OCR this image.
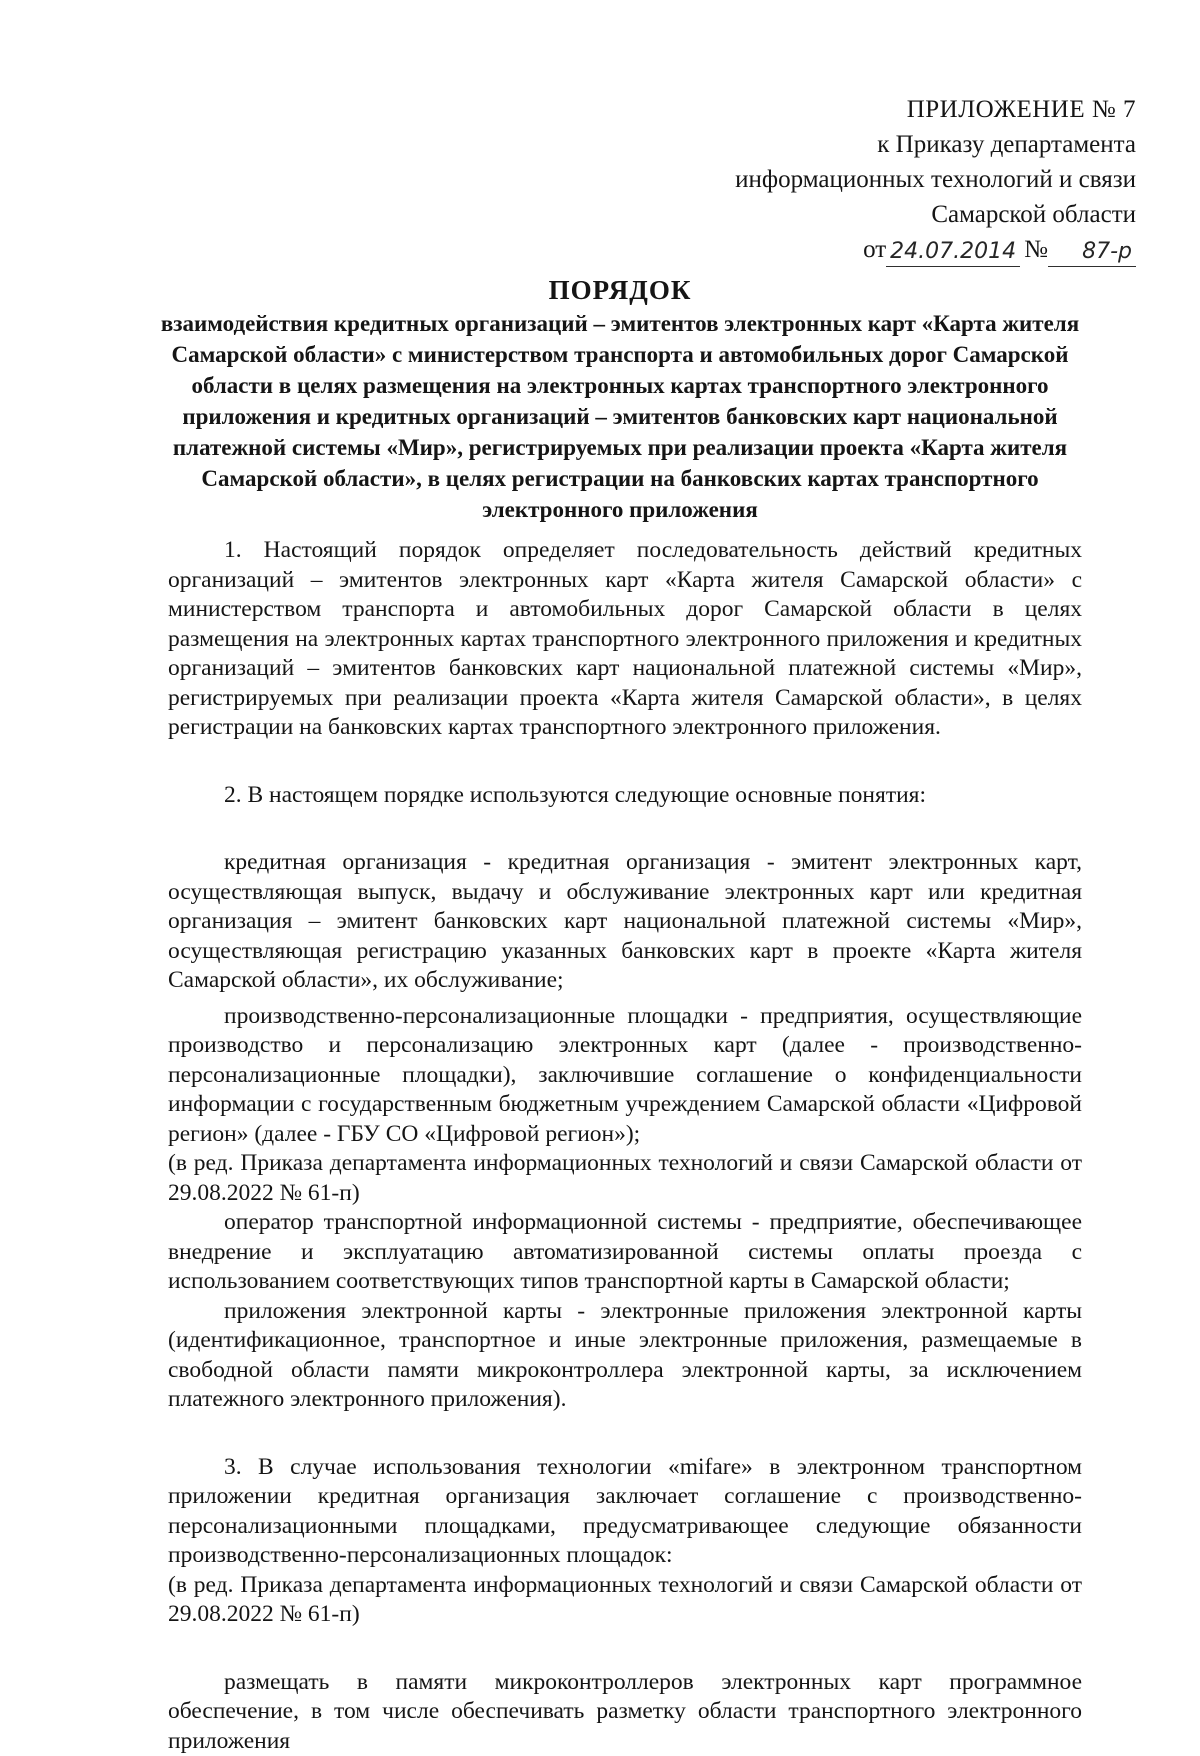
ПРИЛОЖЕНИЕ № 7
к Приказу департамента
информационных технологий и связи
Самарской области
от 24.07.2014 №	87-р
ПОРЯДОК
взаимодействия кредитных организаций – эмитентов электронных карт «Карта жителя Самарской области» с министерством транспорта и автомобильных дорог Самарской области в целях размещения на электронных картах транспортного электронного приложения и кредитных организаций – эмитентов банковских карт национальной платежной системы «Мир», регистрируемых при реализации проекта «Карта жителя Самарской области», в целях регистрации на банковских картах транспортного электронного приложения

1. Настоящий порядок определяет последовательность действий кредитных организаций – эмитентов электронных карт «Карта жителя Самарской области» с министерством транспорта и автомобильных дорог Самарской области в целях размещения на электронных картах транспортного электронного приложения и кредитных организаций – эмитентов банковских карт национальной платежной системы «Мир», регистрируемых при реализации проекта «Карта жителя Самарской области», в целях регистрации на банковских картах транспортного электронного приложения.

2. В настоящем порядке используются следующие основные понятия:

кредитная организация - кредитная организация - эмитент электронных карт, осуществляющая выпуск, выдачу и обслуживание электронных карт или кредитная организация – эмитент банковских карт национальной платежной системы «Мир», осуществляющая регистрацию указанных банковских карт в проекте «Карта жителя Самарской области», их обслуживание;

производственно-персонализационные площадки - предприятия, осуществляющие производство и персонализацию электронных карт (далее - производственно-персонализационные площадки), заключившие соглашение о конфиденциальности информации с государственным бюджетным учреждением Самарской области «Цифровой регион» (далее - ГБУ СО «Цифровой регион»);

(в ред. Приказа департамента информационных технологий и связи Самарской области от 29.08.2022 № 61-п)

оператор транспортной информационной системы - предприятие, обеспечивающее внедрение и эксплуатацию автоматизированной системы оплаты проезда с использованием соответствующих типов транспортной карты в Самарской области;

приложения электронной карты - электронные приложения электронной карты (идентификационное, транспортное и иные электронные приложения, размещаемые в свободной области памяти микроконтроллера электронной карты, за исключением платежного электронного приложения).

3. В случае использования технологии «mifare» в электронном транспортном приложении кредитная организация заключает соглашение с производственно-персонализационными площадками, предусматривающее следующие обязанности производственно-персонализационных площадок:

(в ред. Приказа департамента информационных технологий и связи Самарской области от 29.08.2022 № 61-п)

размещать в памяти микроконтроллеров электронных карт программное обеспечение, в том числе обеспечивать разметку области транспортного электронного приложения
